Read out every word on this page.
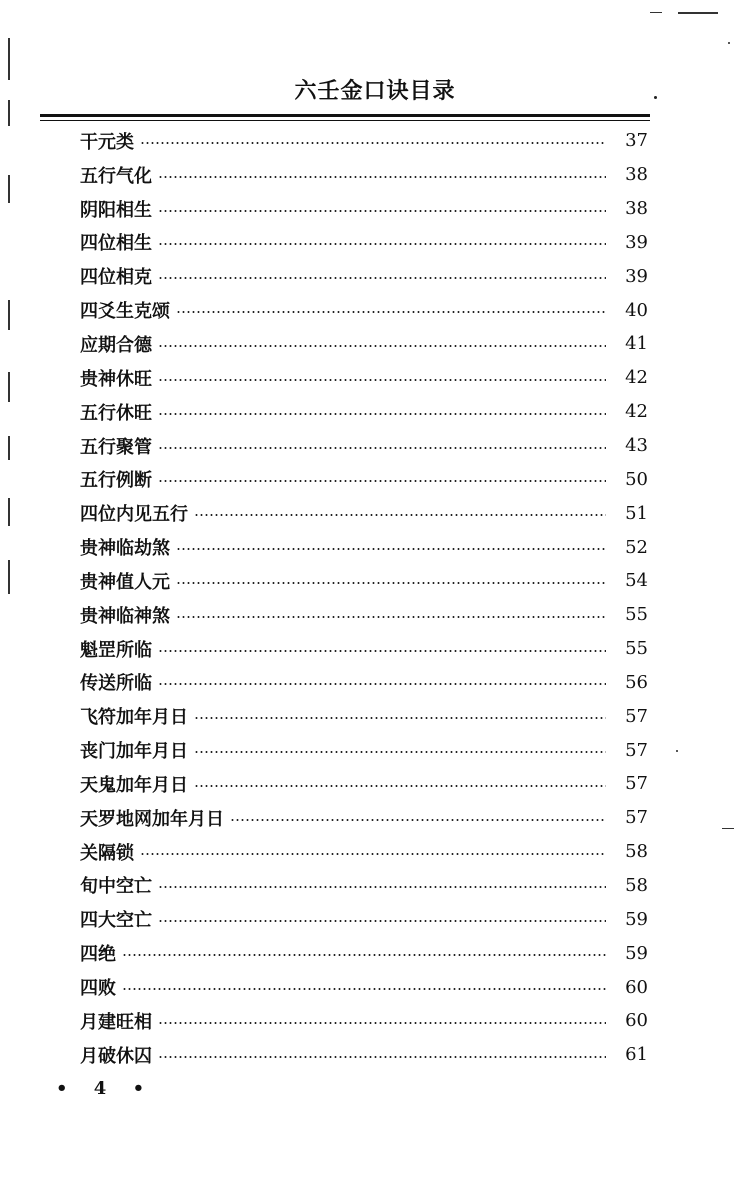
六壬金口诀目录
干元类	37
五行气化	38
阴阳相生	38
四位相生	39
四位相克	39
四爻生克颂	40
应期合德	41
贵神休旺	42
五行休旺	42
五行聚管	43
五行例断	50
四位内见五行	51
贵神临劫煞	52
贵神值人元	54
贵神临神煞	55
魁罡所临	55
传送所临	56
飞符加年月日	57
丧门加年月日	57
天鬼加年月日	57
天罗地网加年月日	57
关隔锁	58
旬中空亡	58
四大空亡	59
四绝	59
四败	60
月建旺相	60
月破休囚	61
• 4 •
